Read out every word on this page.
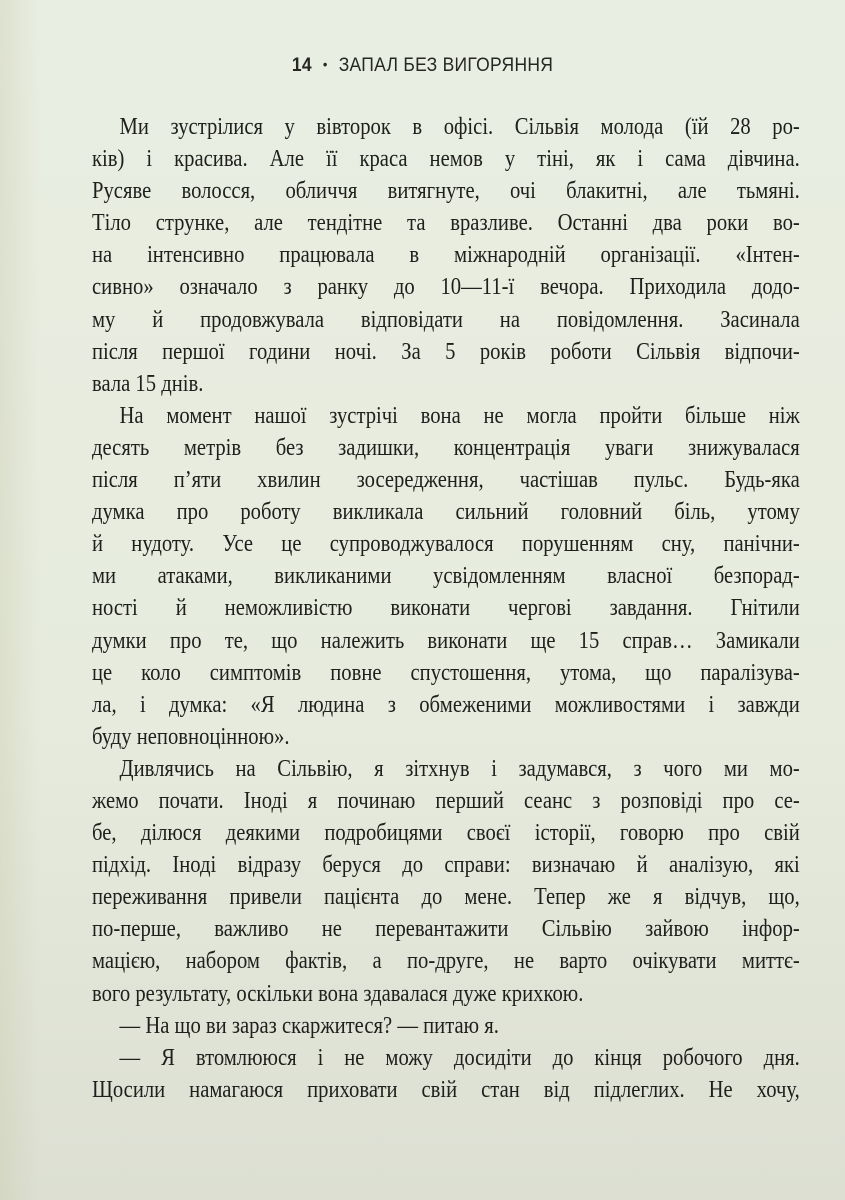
14 • ЗАПАЛ БЕЗ ВИГОРЯННЯ
Ми зустрілися у вівторок в офісі. Сільвія молода (їй 28 ро-
ків) і красива. Але її краса немов у тіні, як і сама дівчина.
Русяве волосся, обличчя витягнуте, очі блакитні, але тьмяні.
Тіло струнке, але тендітне та вразливе. Останні два роки во-
на інтенсивно працювала в міжнародній організації. «Інтен-
сивно» означало з ранку до 10—11-ї вечора. Приходила додо-
му й продовжувала відповідати на повідомлення. Засинала
після першої години ночі. За 5 років роботи Сільвія відпочи-
вала 15 днів.
На момент нашої зустрічі вона не могла пройти більше ніж
десять метрів без задишки, концентрація уваги знижувалася
після п’яти хвилин зосередження, частішав пульс. Будь-яка
думка про роботу викликала сильний головний біль, утому
й нудоту. Усе це супроводжувалося порушенням сну, панічни-
ми атаками, викликаними усвідомленням власної безпорад-
ності й неможливістю виконати чергові завдання. Гнітили
думки про те, що належить виконати ще 15 справ… Замикали
це коло симптомів повне спустошення, утома, що паралізува-
ла, і думка: «Я людина з обмеженими можливостями і завжди
буду неповноцінною».
Дивлячись на Сільвію, я зітхнув і задумався, з чого ми мо-
жемо почати. Іноді я починаю перший сеанс з розповіді про се-
бе, ділюся деякими подробицями своєї історії, говорю про свій
підхід. Іноді відразу беруся до справи: визначаю й аналізую, які
переживання привели пацієнта до мене. Тепер же я відчув, що,
по-перше, важливо не перевантажити Сільвію зайвою інфор-
мацією, набором фактів, а по-друге, не варто очікувати миттє-
вого результату, оскільки вона здавалася дуже крихкою.
— На що ви зараз скаржитеся? — питаю я.
— Я втомлююся і не можу досидіти до кінця робочого дня.
Щосили намагаюся приховати свій стан від підлеглих. Не хочу,
